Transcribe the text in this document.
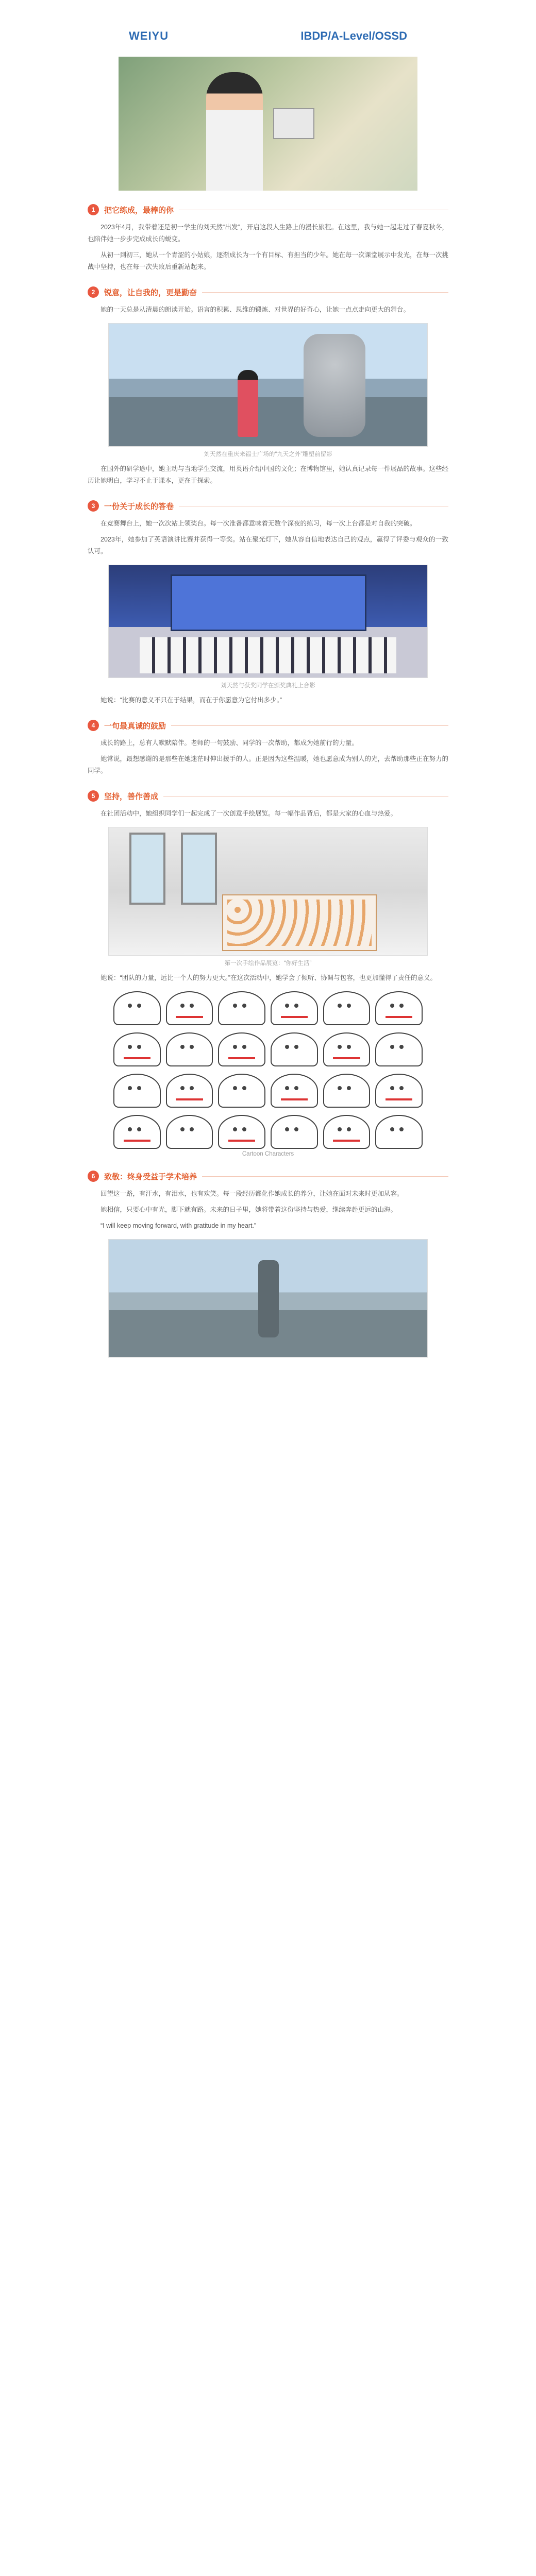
WEIYU	IBDP/A-Level/OSSD
1	把它练成，最棒的你

2023年4月，我带着还是初一学生的刘天然“出发”，开启这段人生路上的漫长旅程。在这里，我与她一起走过了春夏秋冬，也陪伴她一步步完成成长的蜕变。

从初一到初三，她从一个青涩的小姑娘，逐渐成长为一个有目标、有担当的少年。她在每一次课堂展示中发光，在每一次挑战中坚持，也在每一次失败后重新站起来。

2	锐意，让自我的，更是勤奋

她的一天总是从清晨的朗读开始。语言的积累、思维的锻炼、对世界的好奇心，让她一点点走向更大的舞台。

刘天然在重庆来福士广场的“九天之外”雕塑前留影

在国外的研学途中，她主动与当地学生交流，用英语介绍中国的文化；在博物馆里，她认真记录每一件展品的故事。这些经历让她明白，学习不止于课本，更在于探索。

3	一份关于成长的答卷

在竞赛舞台上，她一次次站上领奖台。每一次准备都意味着无数个深夜的练习，每一次上台都是对自我的突破。

2023年，她参加了英语演讲比赛并获得一等奖。站在聚光灯下，她从容自信地表达自己的观点，赢得了评委与观众的一致认可。

刘天然与获奖同学在颁奖典礼上合影

她说：“比赛的意义不只在于结果，而在于你愿意为它付出多少。”

4	一句最真诚的鼓励

成长的路上，总有人默默陪伴。老师的一句鼓励、同学的一次帮助，都成为她前行的力量。

她常说，最想感谢的是那些在她迷茫时伸出援手的人。正是因为这些温暖，她也愿意成为别人的光，去帮助那些正在努力的同学。

5	坚持，善作善成

在社团活动中，她组织同学们一起完成了一次创意手绘展览。每一幅作品背后，都是大家的心血与热爱。

第一次手绘作品展览：“你好生活”

她说：“团队的力量，远比一个人的努力更大。”在这次活动中，她学会了倾听、协调与包容，也更加懂得了责任的意义。

Cartoon Characters
6	致敬：终身受益于学术培养

回望这一路，有汗水，有泪水，也有欢笑。每一段经历都化作她成长的养分，让她在面对未来时更加从容。

她相信，只要心中有光，脚下就有路。未来的日子里，她将带着这份坚持与热爱，继续奔赴更远的山海。

“I will keep moving forward, with gratitude in my heart.”
